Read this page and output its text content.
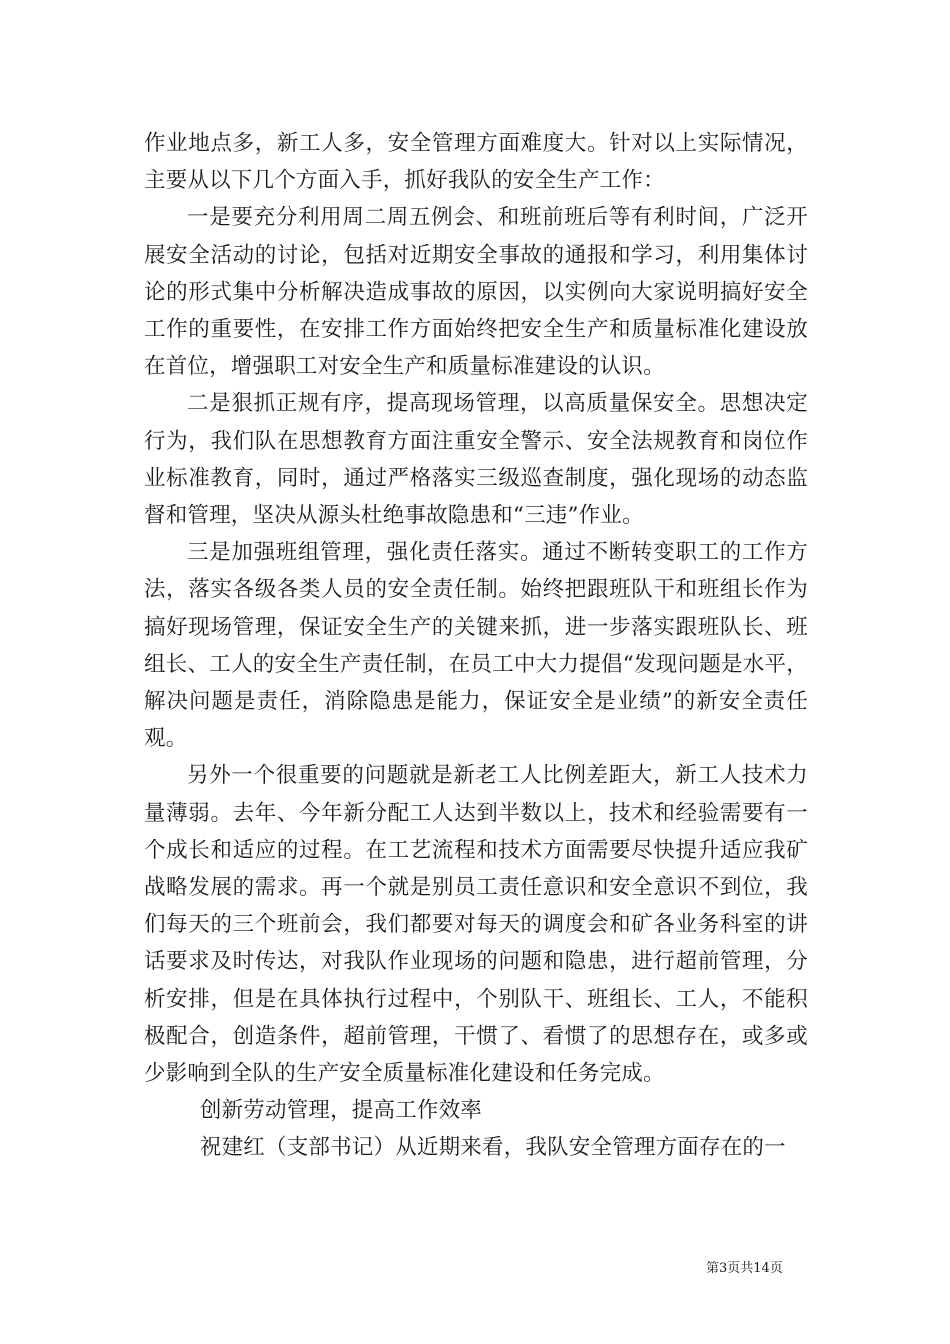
作业地点多，新工人多，安全管理方面难度大。针对以上实际情况，主要从以下几个方面入手，抓好我队的安全生产工作：

一是要充分利用周二周五例会、和班前班后等有利时间，广泛开展安全活动的讨论，包括对近期安全事故的通报和学习，利用集体讨论的形式集中分析解决造成事故的原因，以实例向大家说明搞好安全工作的重要性，在安排工作方面始终把安全生产和质量标准化建设放在首位，增强职工对安全生产和质量标准建设的认识。

二是狠抓正规有序，提高现场管理，以高质量保安全。思想决定行为，我们队在思想教育方面注重安全警示、安全法规教育和岗位作业标准教育，同时，通过严格落实三级巡查制度，强化现场的动态监督和管理，坚决从源头杜绝事故隐患和“三违”作业。

三是加强班组管理，强化责任落实。通过不断转变职工的工作方法，落实各级各类人员的安全责任制。始终把跟班队干和班组长作为搞好现场管理，保证安全生产的关键来抓，进一步落实跟班队长、班组长、工人的安全生产责任制，在员工中大力提倡“发现问题是水平，解决问题是责任，消除隐患是能力，保证安全是业绩”的新安全责任观。

另外一个很重要的问题就是新老工人比例差距大，新工人技术力量薄弱。去年、今年新分配工人达到半数以上，技术和经验需要有一个成长和适应的过程。在工艺流程和技术方面需要尽快提升适应我矿战略发展的需求。再一个就是别员工责任意识和安全意识不到位，我们每天的三个班前会，我们都要对每天的调度会和矿各业务科室的讲话要求及时传达，对我队作业现场的问题和隐患，进行超前管理，分析安排，但是在具体执行过程中，个别队干、班组长、工人，不能积极配合，创造条件，超前管理，干惯了、看惯了的思想存在，或多或少影响到全队的生产安全质量标准化建设和任务完成。

创新劳动管理，提高工作效率

祝建红（支部书记）从近期来看，我队安全管理方面存在的一

第3页共14页
